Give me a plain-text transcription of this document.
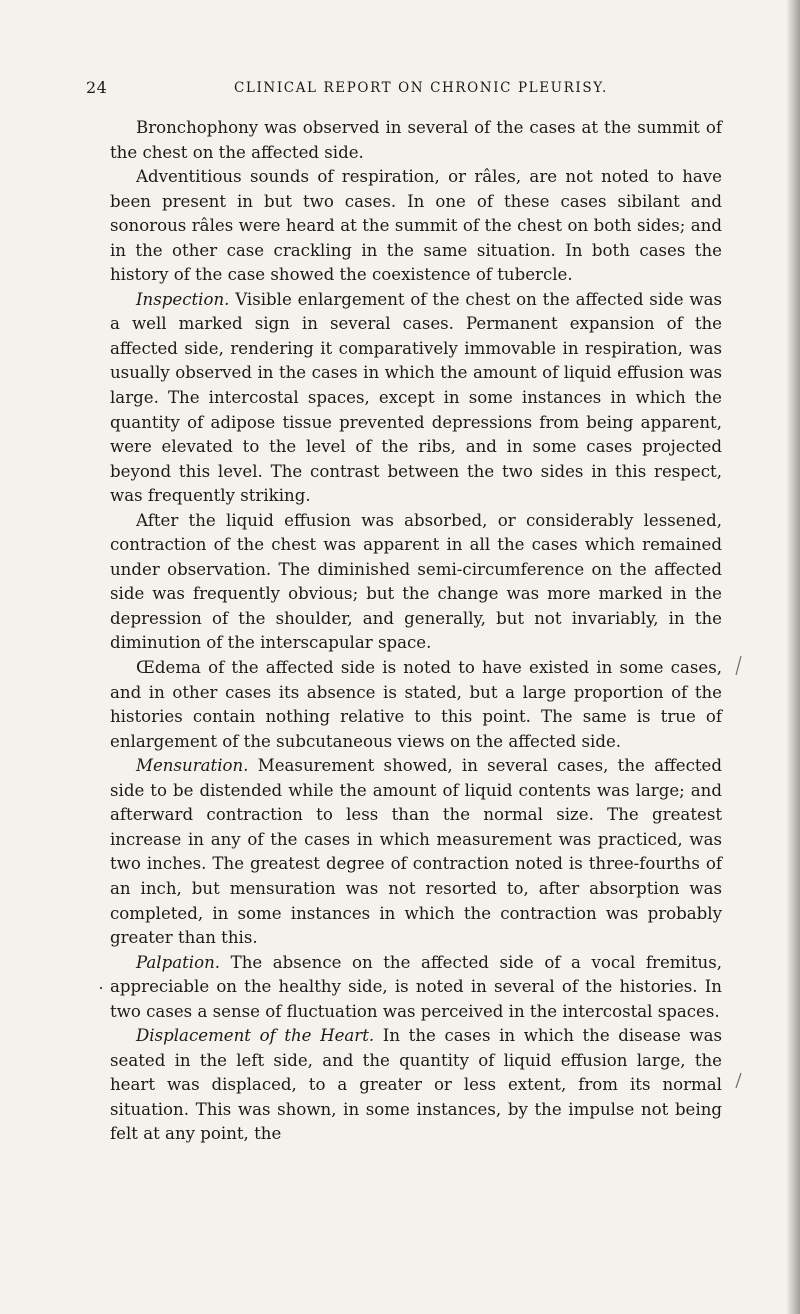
24	CLINICAL REPORT ON CHRONIC PLEURISY.

Bronchophony was observed in several of the cases at the summit of the chest on the affected side.

Adventitious sounds of respiration, or râles, are not noted to have been present in but two cases. In one of these cases sibilant and sonorous râles were heard at the summit of the chest on both sides; and in the other case crackling in the same situation. In both cases the history of the case showed the coexistence of tubercle.

Inspection. Visible enlargement of the chest on the affected side was a well marked sign in several cases. Permanent expansion of the affected side, rendering it comparatively immovable in respiration, was usually observed in the cases in which the amount of liquid effusion was large. The intercostal spaces, except in some instances in which the quantity of adipose tissue prevented depressions from being apparent, were elevated to the level of the ribs, and in some cases projected beyond this level. The contrast between the two sides in this respect, was frequently striking.

After the liquid effusion was absorbed, or considerably lessened, contraction of the chest was apparent in all the cases which remained under observation. The diminished semi-circumference on the affected side was frequently obvious; but the change was more marked in the depression of the shoulder, and generally, but not invariably, in the diminution of the interscapular space.

Œdema of the affected side is noted to have existed in some cases, and in other cases its absence is stated, but a large proportion of the histories contain nothing relative to this point. The same is true of enlargement of the subcutaneous views on the affected side.

Mensuration. Measurement showed, in several cases, the affected side to be distended while the amount of liquid contents was large; and afterward contraction to less than the normal size. The greatest increase in any of the cases in which measurement was practiced, was two inches. The greatest degree of contraction noted is three-fourths of an inch, but mensuration was not resorted to, after absorption was completed, in some instances in which the contraction was probably greater than this.

Palpation. The absence on the affected side of a vocal fremitus, appreciable on the healthy side, is noted in several of the histories. In two cases a sense of fluctuation was perceived in the intercostal spaces.

Displacement of the Heart. In the cases in which the disease was seated in the left side, and the quantity of liquid effusion large, the heart was displaced, to a greater or less extent, from its normal situation. This was shown, in some instances, by the impulse not being felt at any point, the
